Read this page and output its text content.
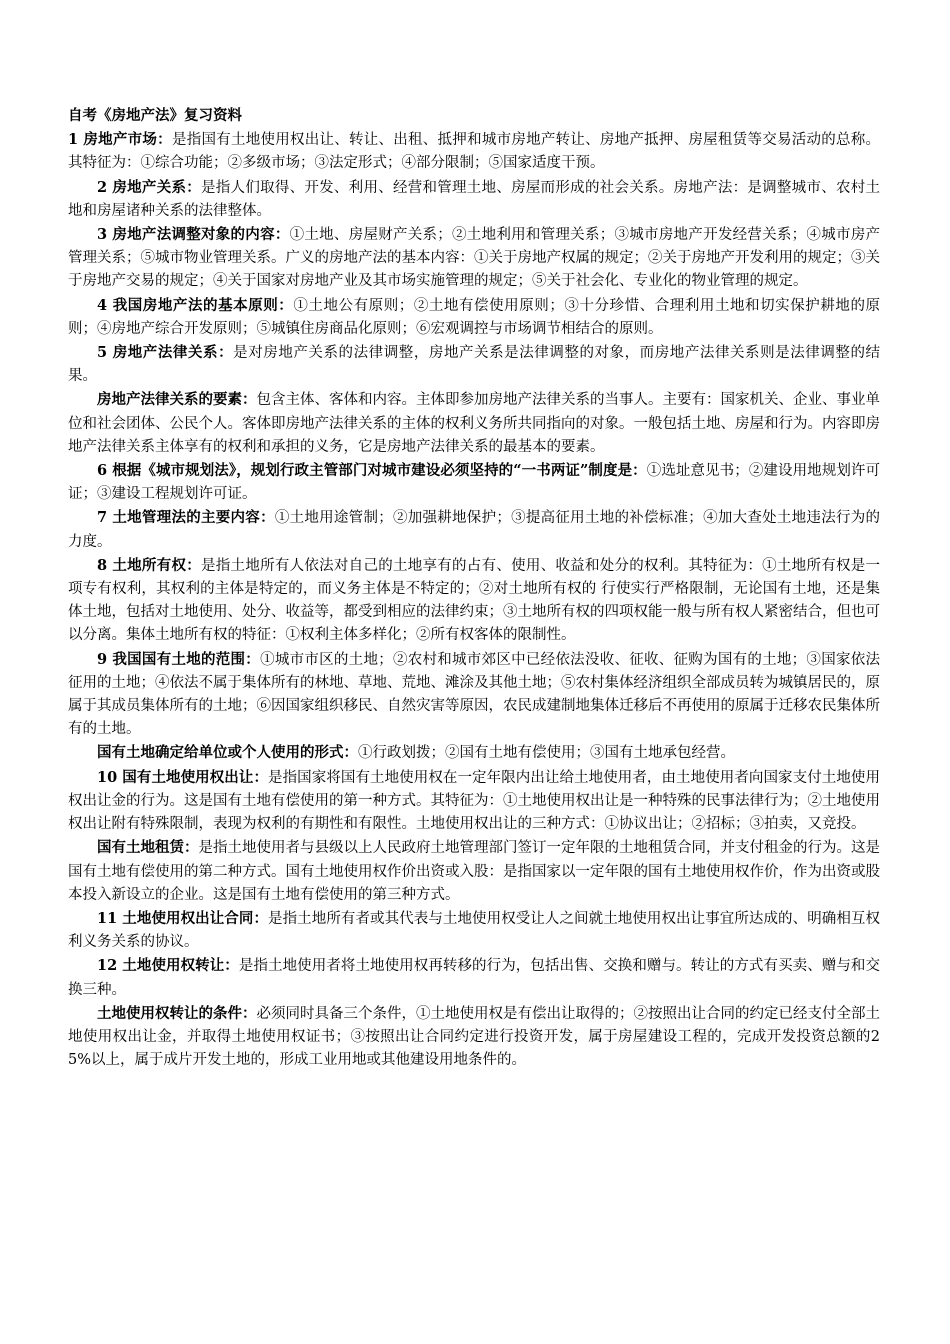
自考《房地产法》复习资料

1 房地产市场：是指国有土地使用权出让、转让、出租、抵押和城市房地产转让、房地产抵押、房屋租赁等交易活动的总称。其特征为：①综合功能；②多级市场；③法定形式；④部分限制；⑤国家适度干预。

2 房地产关系：是指人们取得、开发、利用、经营和管理土地、房屋而形成的社会关系。房地产法：是调整城市、农村土地和房屋诸种关系的法律整体。

3 房地产法调整对象的内容：①土地、房屋财产关系；②土地利用和管理关系；③城市房地产开发经营关系；④城市房产管理关系；⑤城市物业管理关系。广义的房地产法的基本内容：①关于房地产权属的规定；②关于房地产开发利用的规定；③关于房地产交易的规定；④关于国家对房地产业及其市场实施管理的规定；⑤关于社会化、专业化的物业管理的规定。

4 我国房地产法的基本原则：①土地公有原则；②土地有偿使用原则；③十分珍惜、合理利用土地和切实保护耕地的原则；④房地产综合开发原则；⑤城镇住房商品化原则；⑥宏观调控与市场调节相结合的原则。

5 房地产法律关系：是对房地产关系的法律调整，房地产关系是法律调整的对象，而房地产法律关系则是法律调整的结果。

房地产法律关系的要素：包含主体、客体和内容。主体即参加房地产法律关系的当事人。主要有：国家机关、企业、事业单位和社会团体、公民个人。客体即房地产法律关系的主体的权利义务所共同指向的对象。一般包括土地、房屋和行为。内容即房地产法律关系主体享有的权利和承担的义务，它是房地产法律关系的最基本的要素。

6 根据《城市规划法》，规划行政主管部门对城市建设必须坚持的“一书两证”制度是：①选址意见书；②建设用地规划许可证；③建设工程规划许可证。

7 土地管理法的主要内容：①土地用途管制；②加强耕地保护；③提高征用土地的补偿标准；④加大查处土地违法行为的力度。

8 土地所有权：是指土地所有人依法对自己的土地享有的占有、使用、收益和处分的权利。其特征为：①土地所有权是一项专有权利，其权利的主体是特定的，而义务主体是不特定的；②对土地所有权的 行使实行严格限制，无论国有土地，还是集体土地，包括对土地使用、处分、收益等，都受到相应的法律约束；③土地所有权的四项权能一般与所有权人紧密结合，但也可以分离。集体土地所有权的特征：①权利主体多样化；②所有权客体的限制性。

9 我国国有土地的范围：①城市市区的土地；②农村和城市郊区中已经依法没收、征收、征购为国有的土地；③国家依法征用的土地；④依法不属于集体所有的林地、草地、荒地、滩涂及其他土地；⑤农村集体经济组织全部成员转为城镇居民的，原属于其成员集体所有的土地；⑥因国家组织移民、自然灾害等原因，农民成建制地集体迁移后不再使用的原属于迁移农民集体所有的土地。

国有土地确定给单位或个人使用的形式：①行政划拨；②国有土地有偿使用；③国有土地承包经营。

10 国有土地使用权出让：是指国家将国有土地使用权在一定年限内出让给土地使用者，由土地使用者向国家支付土地使用权出让金的行为。这是国有土地有偿使用的第一种方式。其特征为：①土地使用权出让是一种特殊的民事法律行为；②土地使用权出让附有特殊限制，表现为权利的有期性和有限性。土地使用权出让的三种方式：①协议出让；②招标；③拍卖，又竞投。

国有土地租赁：是指土地使用者与县级以上人民政府土地管理部门签订一定年限的土地租赁合同，并支付租金的行为。这是国有土地有偿使用的第二种方式。国有土地使用权作价出资或入股：是指国家以一定年限的国有土地使用权作价，作为出资或股本投入新设立的企业。这是国有土地有偿使用的第三种方式。

11 土地使用权出让合同：是指土地所有者或其代表与土地使用权受让人之间就土地使用权出让事宜所达成的、明确相互权利义务关系的协议。

12 土地使用权转让：是指土地使用者将土地使用权再转移的行为，包括出售、交换和赠与。转让的方式有买卖、赠与和交换三种。

土地使用权转让的条件：必须同时具备三个条件，①土地使用权是有偿出让取得的；②按照出让合同的约定已经支付全部土地使用权出让金，并取得土地使用权证书；③按照出让合同约定进行投资开发，属于房屋建设工程的，完成开发投资总额的25%以上，属于成片开发土地的，形成工业用地或其他建设用地条件的。
